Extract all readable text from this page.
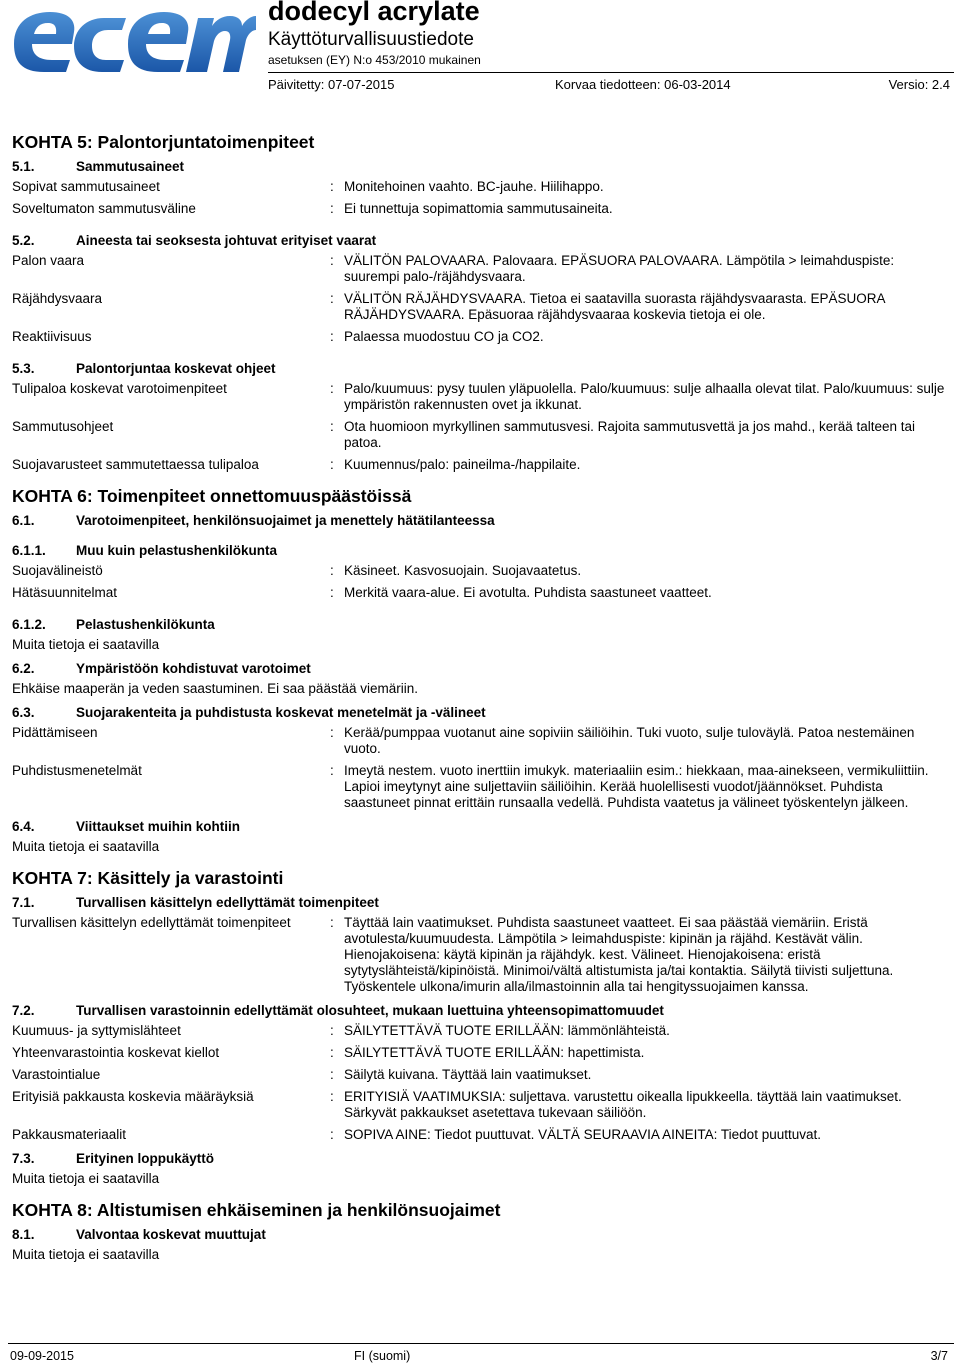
dodecyl acrylate
Käyttöturvallisuustiedote
asetuksen (EY) N:o 453/2010 mukainen
Päivitetty: 07-07-2015	Korvaa tiedotteen: 06-03-2014	Versio: 2.4
KOHTA 5: Palontorjuntatoimenpiteet
5.1.	Sammutusaineet
Sopivat sammutusaineet	: Monitehoinen vaahto. BC-jauhe. Hiilihappo.
Soveltumaton sammutusväline	: Ei tunnettuja sopimattomia sammutusaineita.
5.2.	Aineesta tai seoksesta johtuvat erityiset vaarat
Palon vaara	: VÄLITÖN PALOVAARA. Palovaara. EPÄSUORA PALOVAARA. Lämpötila > leimahduspiste: suurempi palo-/räjähdysvaara.
Räjähdysvaara	: VÄLITÖN RÄJÄHDYSVAARA. Tietoa ei saatavilla suorasta räjähdysvaarasta. EPÄSUORA RÄJÄHDYSVAARA. Epäsuoraa räjähdysvaaraa koskevia tietoja ei ole.
Reaktiivisuus	: Palaessa muodostuu CO ja CO2.
5.3.	Palontorjuntaa koskevat ohjeet
Tulipaloa koskevat varotoimenpiteet	: Palo/kuumuus: pysy tuulen yläpuolella. Palo/kuumuus: sulje alhaalla olevat tilat. Palo/kuumuus: sulje ympäristön rakennusten ovet ja ikkunat.
Sammutusohjeet	: Ota huomioon myrkyllinen sammutusvesi. Rajoita sammutusvettä ja jos mahd., kerää talteen tai patoa.
Suojavarusteet sammutettaessa tulipaloa	: Kuumennus/palo: paineilma-/happilaite.
KOHTA 6: Toimenpiteet onnettomuuspäästöissä
6.1.	Varotoimenpiteet, henkilönsuojaimet ja menettely hätätilanteessa
6.1.1. Muu kuin pelastushenkilökunta
Suojavälineistö	: Käsineet. Kasvosuojain. Suojavaatetus.
Hätäsuunnitelmat	: Merkitä vaara-alue. Ei avotulta. Puhdista saastuneet vaatteet.
6.1.2. Pelastushenkilökunta
Muita tietoja ei saatavilla
6.2.	Ympäristöön kohdistuvat varotoimet
Ehkäise maaperän ja veden saastuminen. Ei saa päästää viemäriin.
6.3.	Suojarakenteita ja puhdistusta koskevat menetelmät ja -välineet
Pidättämiseen	: Kerää/pumppaa vuotanut aine sopiviin säiliöihin. Tuki vuoto, sulje tuloväylä. Patoa nestemäinen vuoto.
Puhdistusmenetelmät	: Imeytä nestem. vuoto inerttiin imukyk. materiaaliin esim.: hiekkaan, maa-ainekseen, vermikuliittiin. Lapioi imeytynyt aine suljettaviin säiliöihin. Kerää huolellisesti vuodot/jäännökset. Puhdista saastuneet pinnat erittäin runsaalla vedellä. Puhdista vaatetus ja välineet työskentelyn jälkeen.
6.4.	Viittaukset muihin kohtiin
Muita tietoja ei saatavilla
KOHTA 7: Käsittely ja varastointi
7.1.	Turvallisen käsittelyn edellyttämät toimenpiteet
Turvallisen käsittelyn edellyttämät toimenpiteet	: Täyttää lain vaatimukset. Puhdista saastuneet vaatteet. Ei saa päästää viemäriin. Eristä avotulesta/kuumuudesta. Lämpötila > leimahduspiste: kipinän ja räjähd. Kestävät välin. Hienojakoisena: käytä kipinän ja räjähdyk. kest. Välineet. Hienojakoisena: eristä sytytyslähteistä/kipinöistä. Minimoi/vältä altistumista ja/tai kontaktia. Säilytä tiivisti suljettuna. Työskentele ulkona/imurin alla/ilmastoinnin alla tai hengityssuojaimen kanssa.
7.2.	Turvallisen varastoinnin edellyttämät olosuhteet, mukaan luettuina yhteensopimattomuudet
Kuumuus- ja syttymislähteet	: SÄILYTETTÄVÄ TUOTE ERILLÄÄN: lämmönlähteistä.
Yhteenvarastointia koskevat kiellot	: SÄILYTETTÄVÄ TUOTE ERILLÄÄN: hapettimista.
Varastointialue	: Säilytä kuivana. Täyttää lain vaatimukset.
Erityisiä pakkausta koskevia määräyksiä	: ERITYISIÄ VAATIMUKSIA: suljettava. varustettu oikealla lipukkeella. täyttää lain vaatimukset. Särkyvät pakkaukset asetettava tukevaan säiliöön.
Pakkausmateriaalit	: SOPIVA AINE: Tiedot puuttuvat. VÄLTÄ SEURAAVIA AINEITA: Tiedot puuttuvat.
7.3.	Erityinen loppukäyttö
Muita tietoja ei saatavilla
KOHTA 8: Altistumisen ehkäiseminen ja henkilönsuojaimet
8.1.	Valvontaa koskevat muuttujat
Muita tietoja ei saatavilla
09-09-2015	FI (suomi)	3/7
